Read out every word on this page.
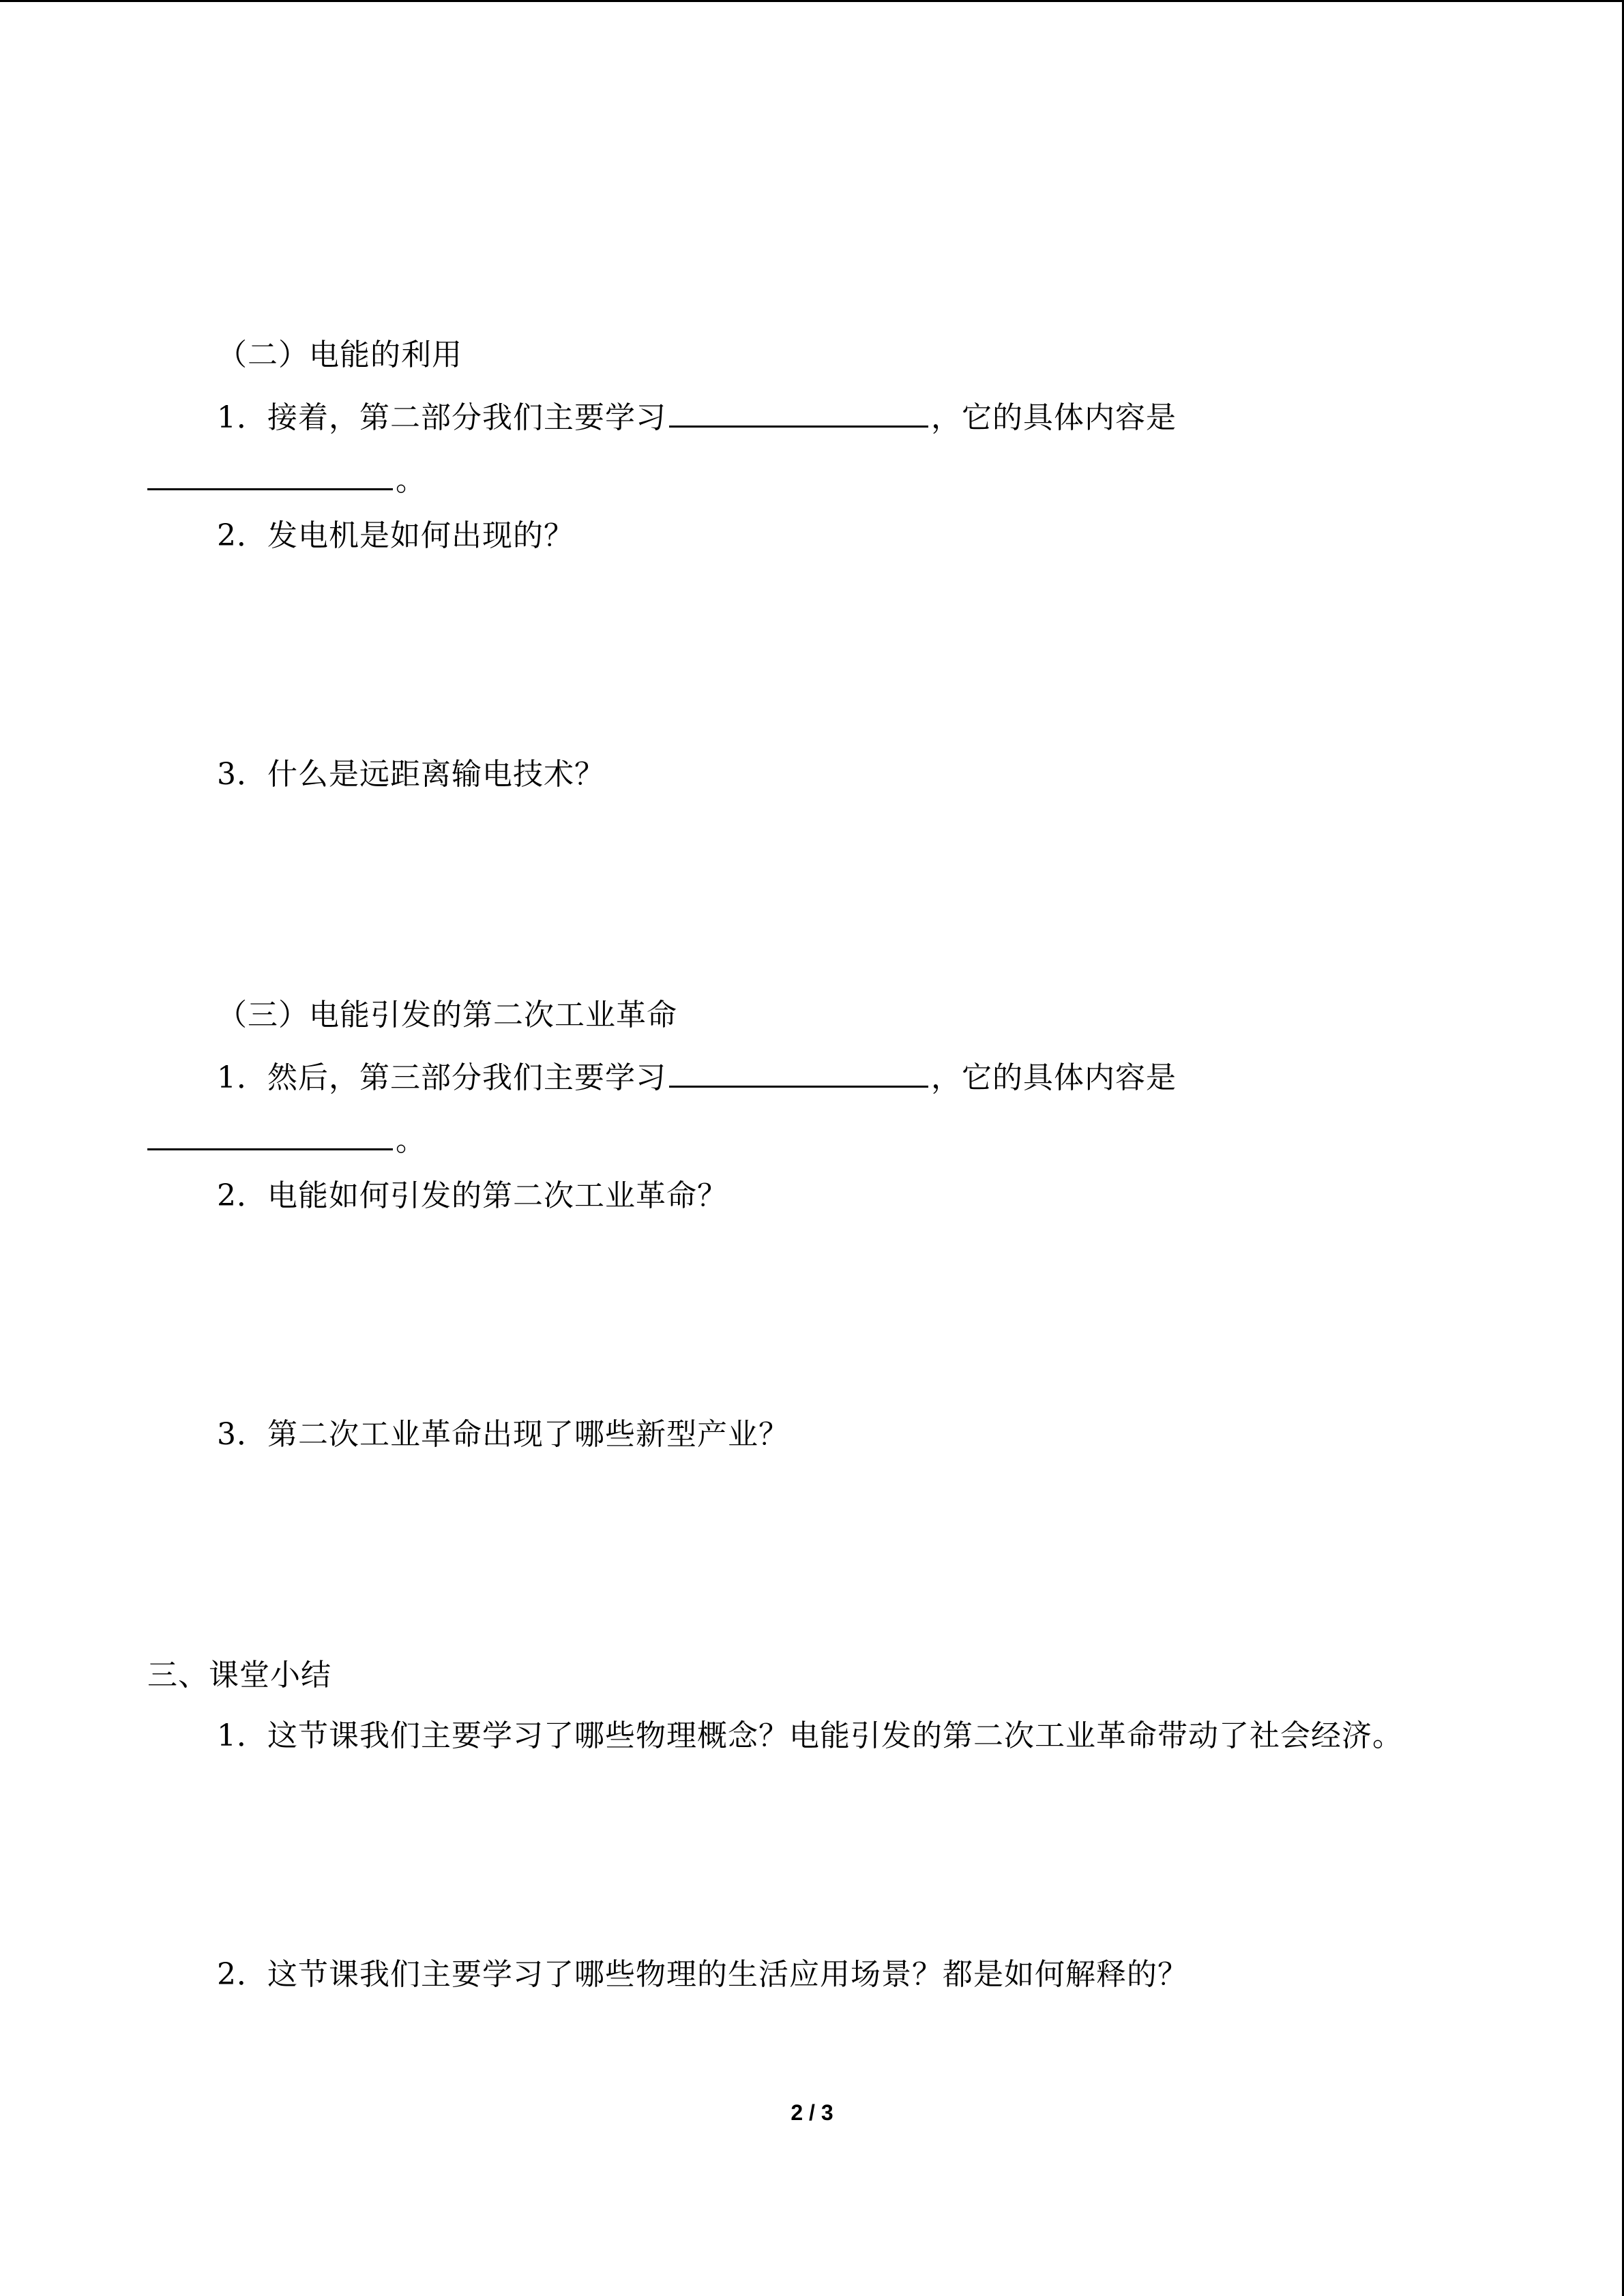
（二）电能的利用
1．接着，第二部分我们主要学习	，它的具体内容是
。
2．发电机是如何出现的？
3．什么是远距离输电技术？
（三）电能引发的第二次工业革命
1．然后，第三部分我们主要学习	，它的具体内容是
。
2．电能如何引发的第二次工业革命？
3．第二次工业革命出现了哪些新型产业？
三、课堂小结
1．这节课我们主要学习了哪些物理概念？电能引发的第二次工业革命带动了社会经济。
2．这节课我们主要学习了哪些物理的生活应用场景？都是如何解释的？
2 / 3
